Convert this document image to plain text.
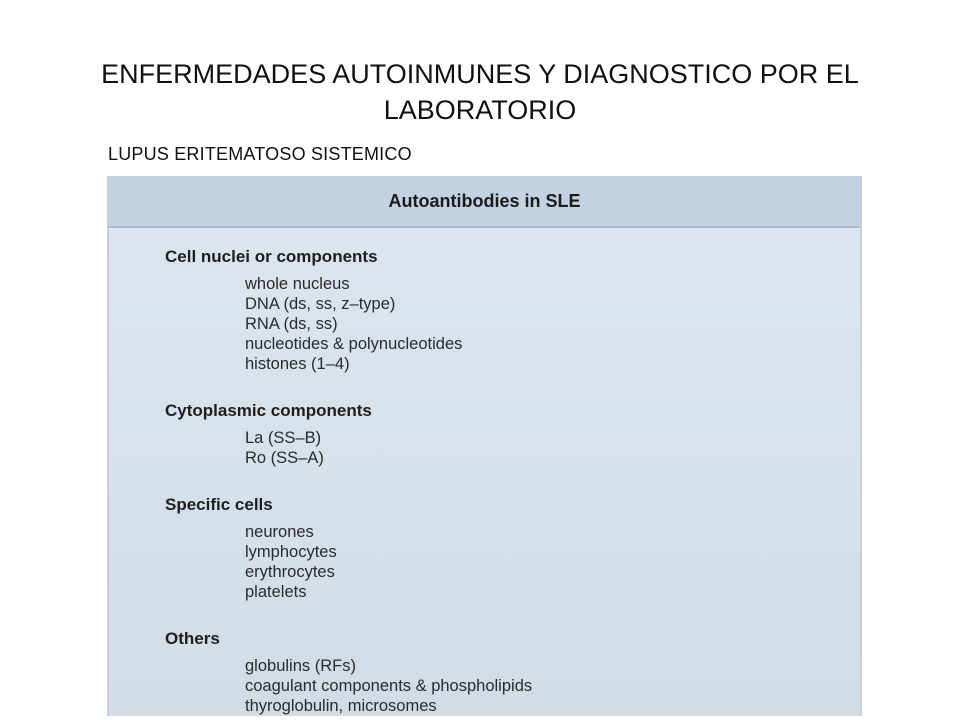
ENFERMEDADES AUTOINMUNES Y DIAGNOSTICO POR EL
LABORATORIO
LUPUS ERITEMATOSO SISTEMICO
Autoantibodies in SLE
Cell nuclei or components
whole nucleus
DNA (ds, ss, z–type)
RNA (ds, ss)
nucleotides & polynucleotides
histones (1–4)
Cytoplasmic components
La (SS–B)
Ro (SS–A)
Specific cells
neurones
lymphocytes
erythrocytes
platelets
Others
globulins (RFs)
coagulant components & phospholipids
thyroglobulin, microsomes
